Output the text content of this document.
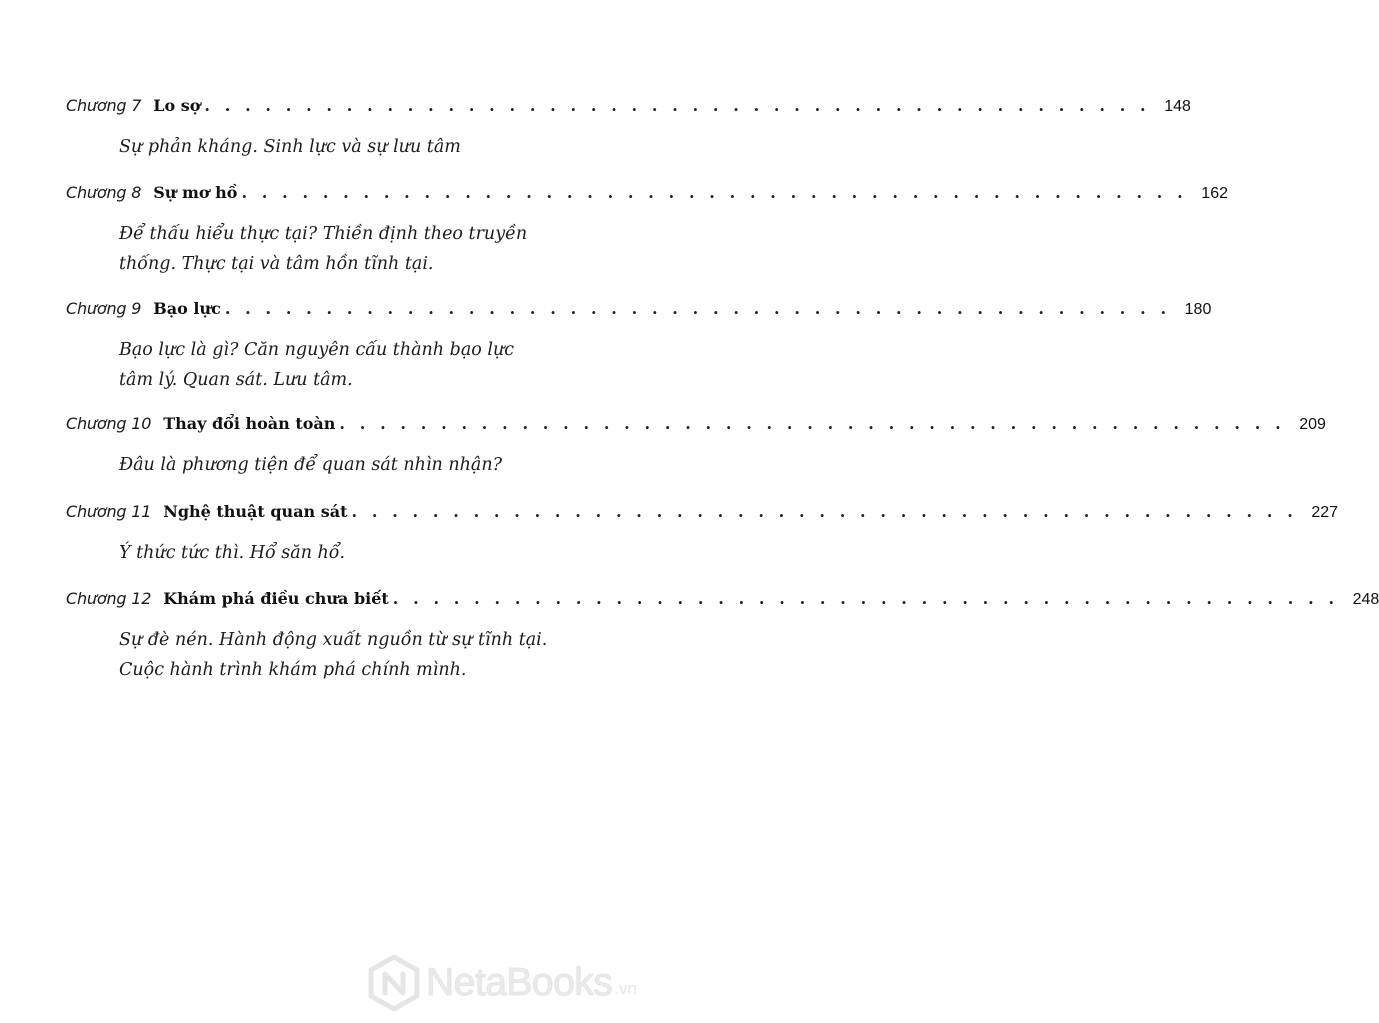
Chương 7 Lo sợ . . . . . . . . . . . . . . . . . . . . . . . . . . . . . . . . . . . . . . . . . . . . . . . 148
Sự phản kháng. Sinh lực và sự lưu tâm
Chương 8 Sự mơ hồ . . . . . . . . . . . . . . . . . . . . . . . . . . . . . . . . . . . . . . . . . . . . . . . 162
Để thấu hiểu thực tại? Thiền định theo truyền
thống. Thực tại và tâm hồn tĩnh tại.
Chương 9 Bạo lực . . . . . . . . . . . . . . . . . . . . . . . . . . . . . . . . . . . . . . . . . . . . . . . 180
Bạo lực là gì? Căn nguyên cấu thành bạo lực
tâm lý. Quan sát. Lưu tâm.
Chương 10 Thay đổi hoàn toàn . . . . . . . . . . . . . . . . . . . . . . . . . . . . . . . . . . . . . . . . . . . . . . . 209
Đâu là phương tiện để quan sát nhìn nhận?
Chương 11 Nghệ thuật quan sát . . . . . . . . . . . . . . . . . . . . . . . . . . . . . . . . . . . . . . . . . . . . . . . 227
Ý thức tức thì. Hổ săn hổ.
Chương 12 Khám phá điều chưa biết . . . . . . . . . . . . . . . . . . . . . . . . . . . . . . . . . . . . . . . . . . . . . . . 248
Sự đè nén. Hành động xuất nguồn từ sự tĩnh tại.
Cuộc hành trình khám phá chính mình.
NetaBooks .vn
